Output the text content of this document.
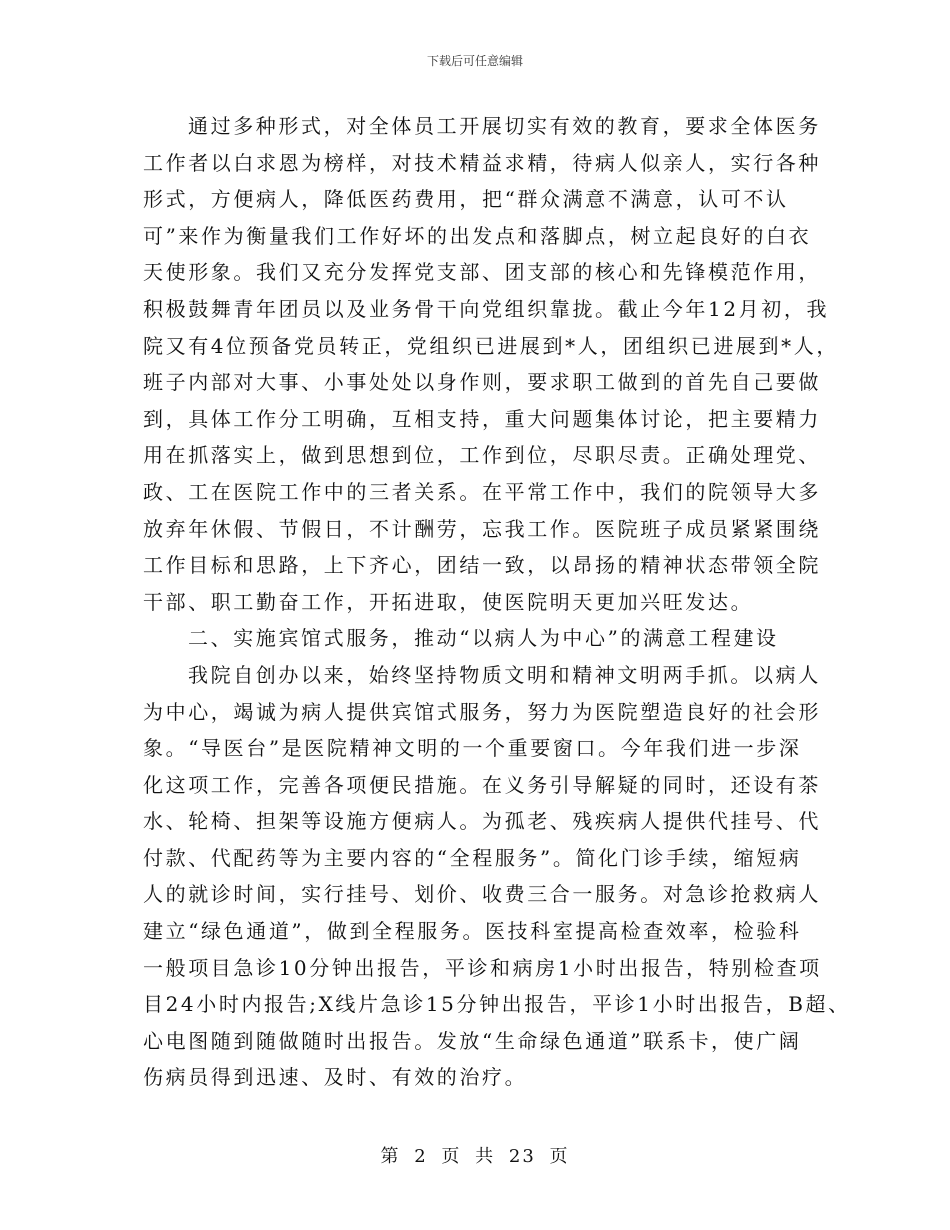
下载后可任意编辑
通过多种形式，对全体员工开展切实有效的教育，要求全体医务
工作者以白求恩为榜样，对技术精益求精，待病人似亲人，实行各种
形式，方便病人，降低医药费用，把“群众满意不满意，认可不认
可”来作为衡量我们工作好坏的出发点和落脚点，树立起良好的白衣
天使形象。我们又充分发挥党支部、团支部的核心和先锋模范作用，
积极鼓舞青年团员以及业务骨干向党组织靠拢。截止今年12月初，我
院又有4位预备党员转正，党组织已进展到*人，团组织已进展到*人，
班子内部对大事、小事处处以身作则，要求职工做到的首先自己要做
到，具体工作分工明确，互相支持，重大问题集体讨论，把主要精力
用在抓落实上，做到思想到位，工作到位，尽职尽责。正确处理党、
政、工在医院工作中的三者关系。在平常工作中，我们的院领导大多
放弃年休假、节假日，不计酬劳，忘我工作。医院班子成员紧紧围绕
工作目标和思路，上下齐心，团结一致，以昂扬的精神状态带领全院
干部、职工勤奋工作，开拓进取，使医院明天更加兴旺发达。
二、实施宾馆式服务，推动“以病人为中心”的满意工程建设
我院自创办以来，始终坚持物质文明和精神文明两手抓。以病人
为中心，竭诚为病人提供宾馆式服务，努力为医院塑造良好的社会形
象。“导医台”是医院精神文明的一个重要窗口。今年我们进一步深
化这项工作，完善各项便民措施。在义务引导解疑的同时，还设有茶
水、轮椅、担架等设施方便病人。为孤老、残疾病人提供代挂号、代
付款、代配药等为主要内容的“全程服务”。简化门诊手续，缩短病
人的就诊时间，实行挂号、划价、收费三合一服务。对急诊抢救病人
建立“绿色通道”，做到全程服务。医技科室提高检查效率，检验科
一般项目急诊10分钟出报告，平诊和病房1小时出报告，特别检查项
目24小时内报告;X线片急诊15分钟出报告，平诊1小时出报告，B超、
心电图随到随做随时出报告。发放“生命绿色通道”联系卡，使广阔
伤病员得到迅速、及时、有效的治疗。
第 2 页 共 23 页
